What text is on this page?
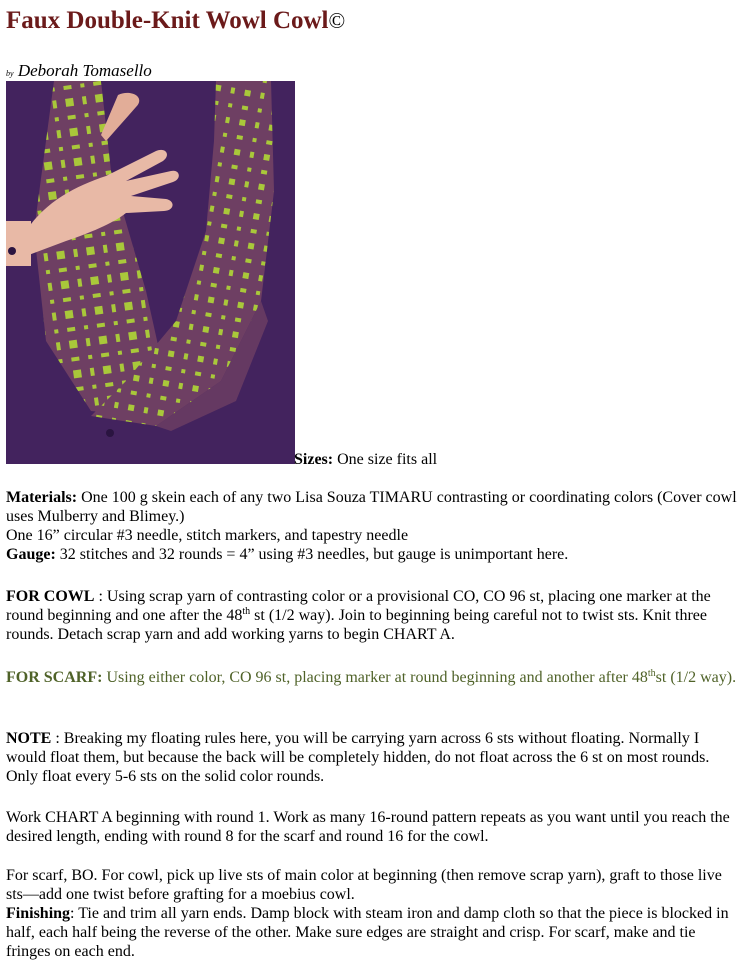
Faux Double-Knit Wowl Cowl©
by Deborah Tomasello
Sizes: One size fits all

Materials: One 100 g skein each of any two Lisa Souza TIMARU contrasting or coordinating colors (Cover cowl uses Mulberry and Blimey.)

One 16” circular #3 needle, stitch markers, and tapestry needle

Gauge: 32 stitches and 32 rounds = 4” using #3 needles, but gauge is unimportant here.

FOR COWL : Using scrap yarn of contrasting color or a provisional CO, CO 96 st, placing one marker at the round beginning and one after the 48th st (1/2 way). Join to beginning being careful not to twist sts. Knit three rounds. Detach scrap yarn and add working yarns to begin CHART A.

FOR SCARF: Using either color, CO 96 st, placing marker at round beginning and another after 48thst (1/2 way).

NOTE : Breaking my floating rules here, you will be carrying yarn across 6 sts without floating. Normally I would float them, but because the back will be completely hidden, do not float across the 6 st on most rounds. Only float every 5-6 sts on the solid color rounds.

Work CHART A beginning with round 1. Work as many 16-round pattern repeats as you want until you reach the desired length, ending with round 8 for the scarf and round 16 for the cowl.

For scarf, BO. For cowl, pick up live sts of main color at beginning (then remove scrap yarn), graft to those live sts—add one twist before grafting for a moebius cowl.

Finishing: Tie and trim all yarn ends. Damp block with steam iron and damp cloth so that the piece is blocked in half, each half being the reverse of the other. Make sure edges are straight and crisp. For scarf, make and tie fringes on each end.
